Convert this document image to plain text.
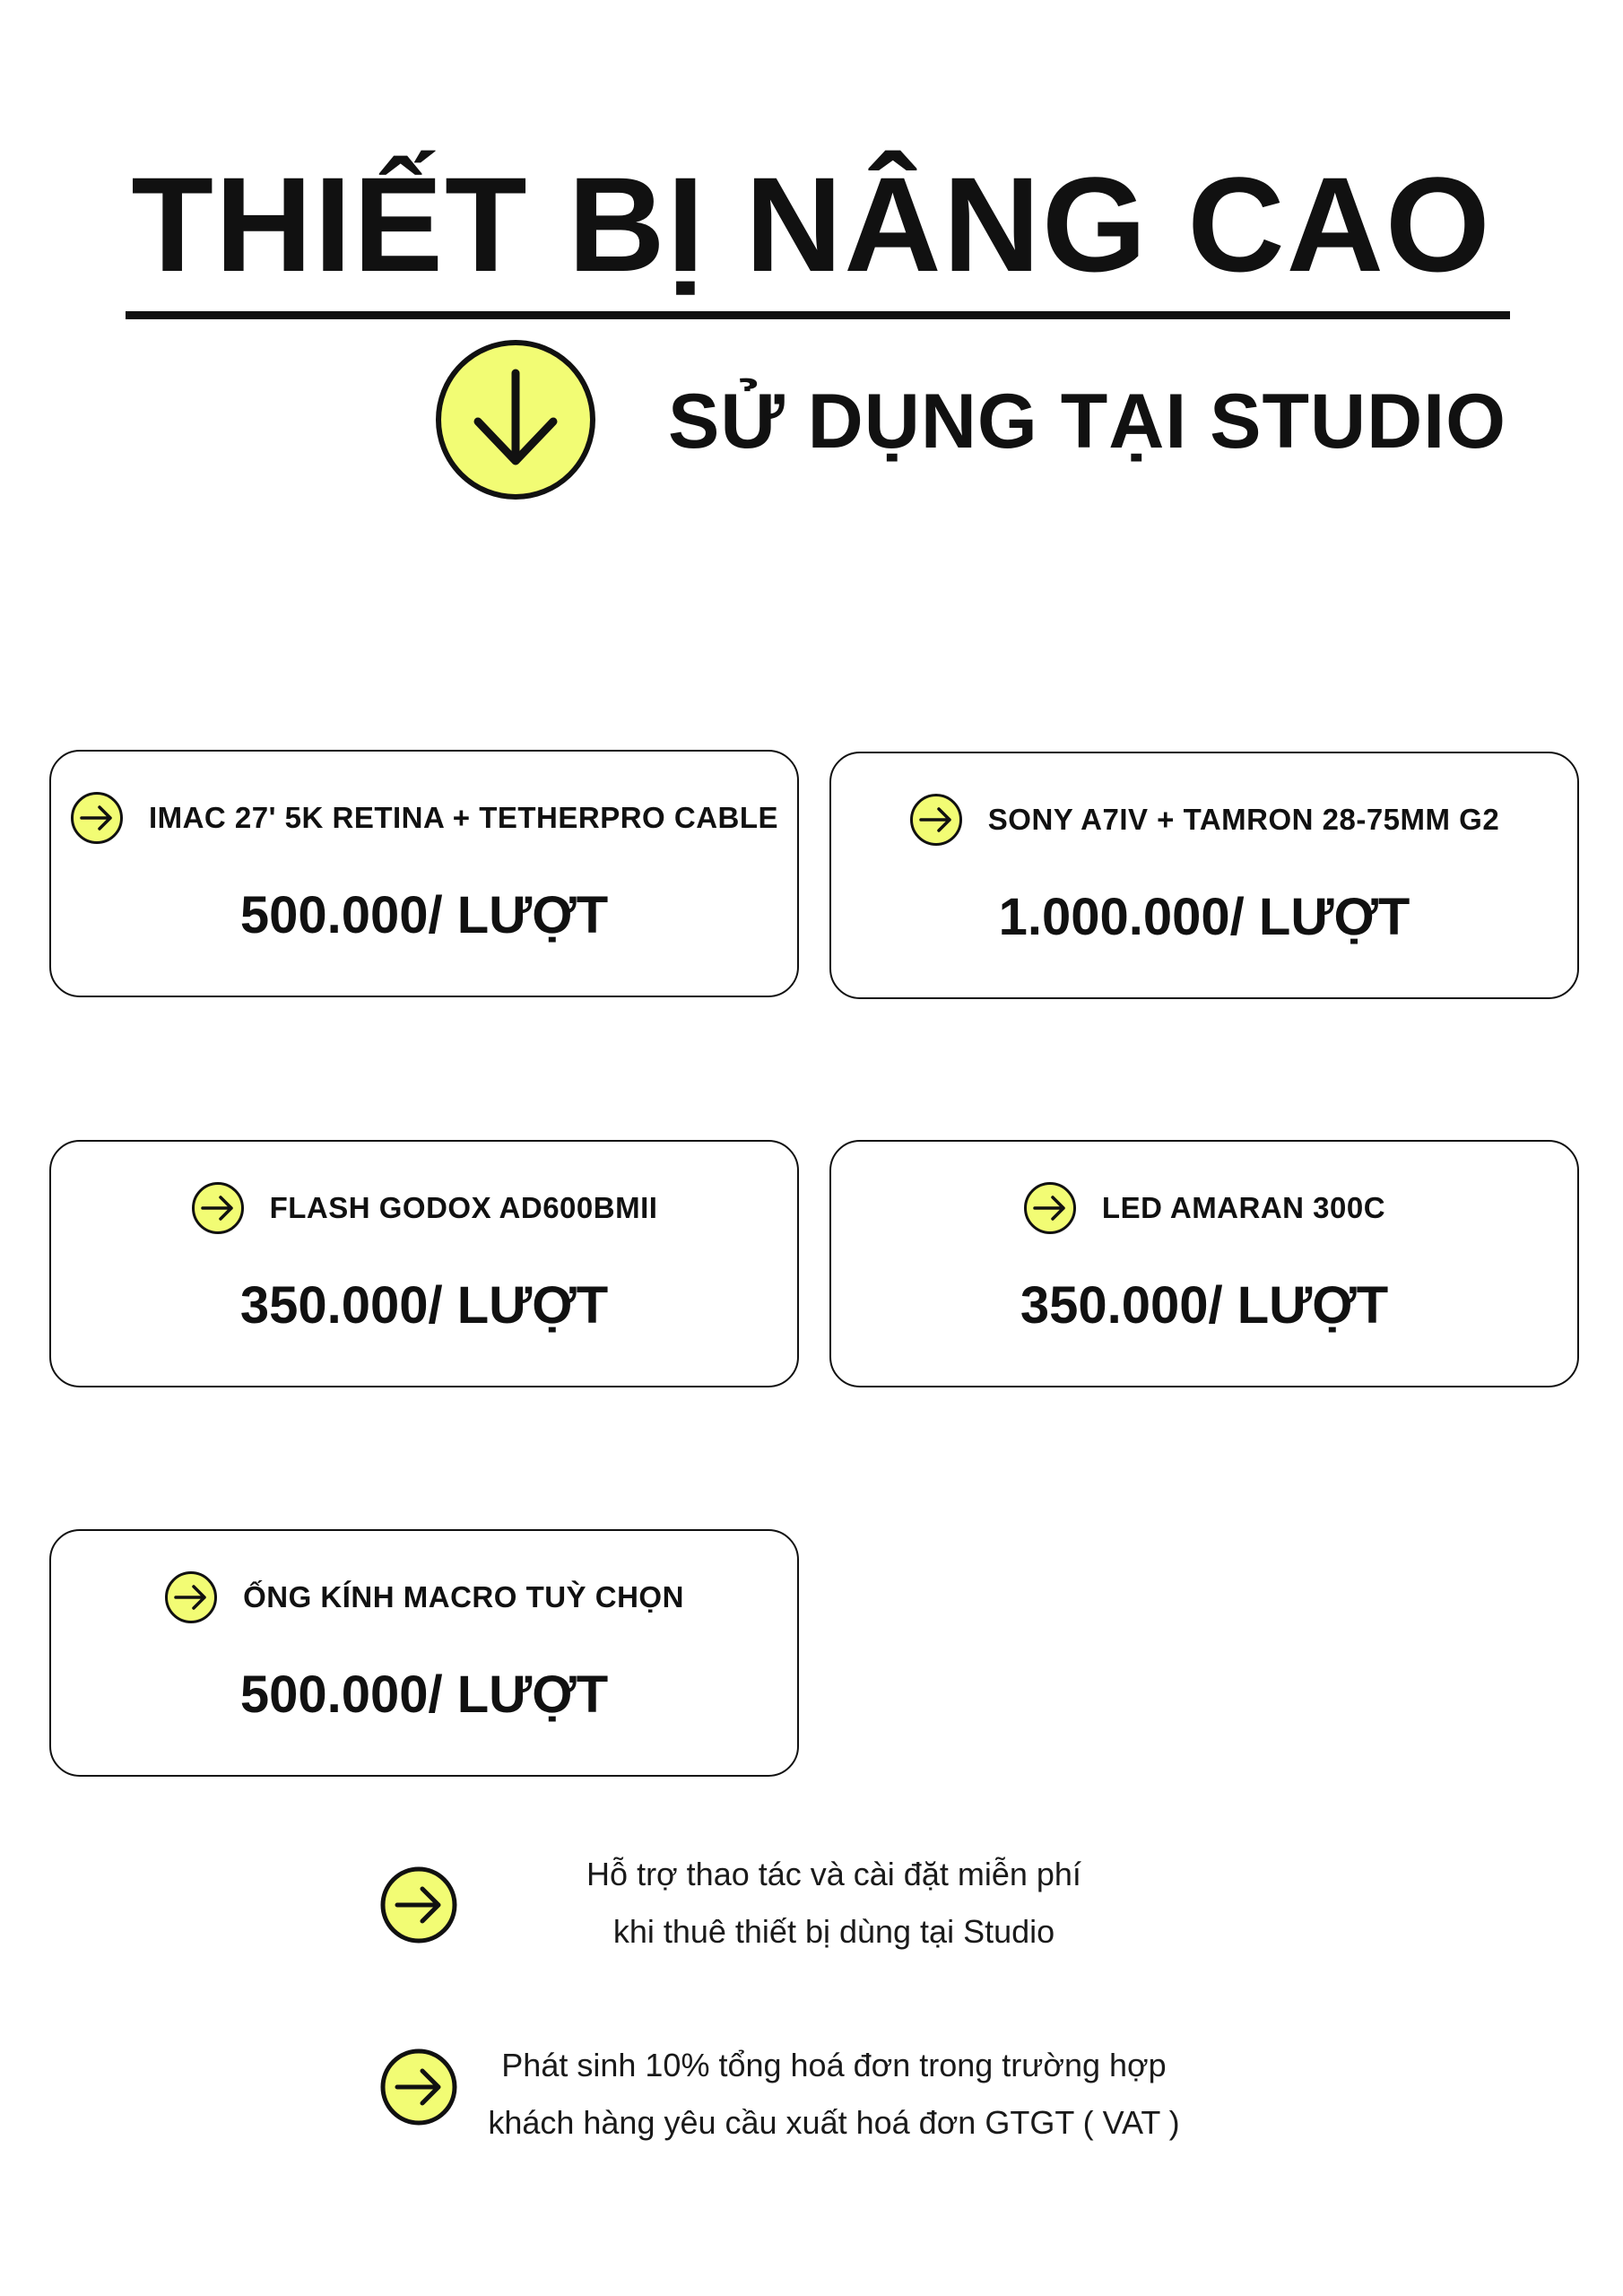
THIẾT BỊ NÂNG CAO
SỬ DỤNG TẠI STUDIO
IMAC 27' 5K RETINA + TETHERPRO CABLE
500.000/ LƯỢT
SONY A7IV + TAMRON 28-75MM G2
1.000.000/ LƯỢT
FLASH GODOX AD600BMII
350.000/ LƯỢT
LED AMARAN 300C
350.000/ LƯỢT
ỐNG KÍNH MACRO TUỲ CHỌN
500.000/ LƯỢT
Hỗ trợ thao tác và cài đặt miễn phí
khi thuê thiết bị dùng tại Studio
Phát sinh 10% tổng hoá đơn trong trường hợp
khách hàng yêu cầu xuất hoá đơn GTGT ( VAT )
